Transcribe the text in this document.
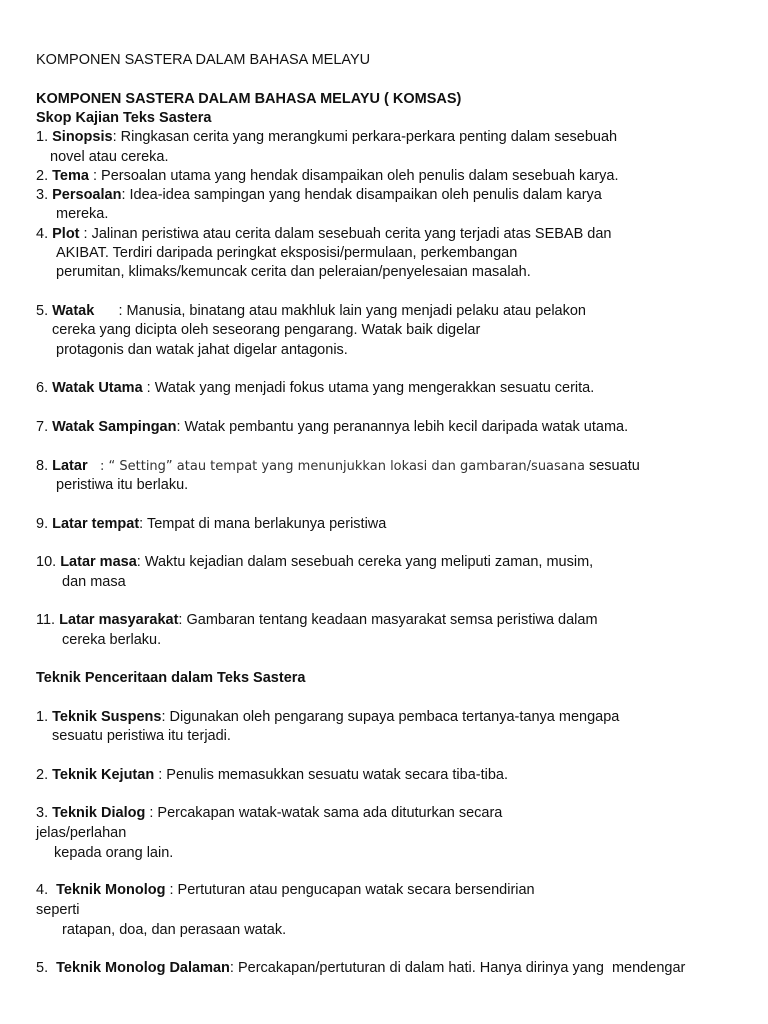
KOMPONEN SASTERA DALAM BAHASA MELAYU
KOMPONEN SASTERA DALAM BAHASA MELAYU ( KOMSAS)
Skop Kajian Teks Sastera
1. Sinopsis: Ringkasan cerita yang merangkumi perkara-perkara penting dalam sesebuah
novel atau cereka.
2. Tema : Persoalan utama yang hendak disampaikan oleh penulis dalam sesebuah karya.
3. Persoalan: Idea-idea sampingan yang hendak disampaikan oleh penulis dalam karya
mereka.
4. Plot : Jalinan peristiwa atau cerita dalam sesebuah cerita yang terjadi atas SEBAB dan
AKIBAT. Terdiri daripada peringkat eksposisi/permulaan, perkembangan
perumitan, klimaks/kemuncak cerita dan peleraian/penyelesaian masalah.
5. Watak      : Manusia, binatang atau makhluk lain yang menjadi pelaku atau pelakon
cereka yang dicipta oleh seseorang pengarang. Watak baik digelar
protagonis dan watak jahat digelar antagonis.
6. Watak Utama : Watak yang menjadi fokus utama yang mengerakkan sesuatu cerita.
7. Watak Sampingan: Watak pembantu yang peranannya lebih kecil daripada watak utama.
8. Latar   : “ Setting” atau tempat yang menunjukkan lokasi dan gambaran/suasana sesuatu
peristiwa itu berlaku.
9. Latar tempat: Tempat di mana berlakunya peristiwa
10. Latar masa: Waktu kejadian dalam sesebuah cereka yang meliputi zaman, musim,
dan masa
11. Latar masyarakat: Gambaran tentang keadaan masyarakat semsa peristiwa dalam
cereka berlaku.
Teknik Penceritaan dalam Teks Sastera
1. Teknik Suspens: Digunakan oleh pengarang supaya pembaca tertanya-tanya mengapa
sesuatu peristiwa itu terjadi.
2. Teknik Kejutan : Penulis memasukkan sesuatu watak secara tiba-tiba.
3. Teknik Dialog : Percakapan watak-watak sama ada dituturkan secara
jelas/perlahan
kepada orang lain.
4.  Teknik Monolog : Pertuturan atau pengucapan watak secara bersendirian
seperti
ratapan, doa, dan perasaan watak.
5.  Teknik Monolog Dalaman: Percakapan/pertuturan di dalam hati. Hanya dirinya yang  mendengar
